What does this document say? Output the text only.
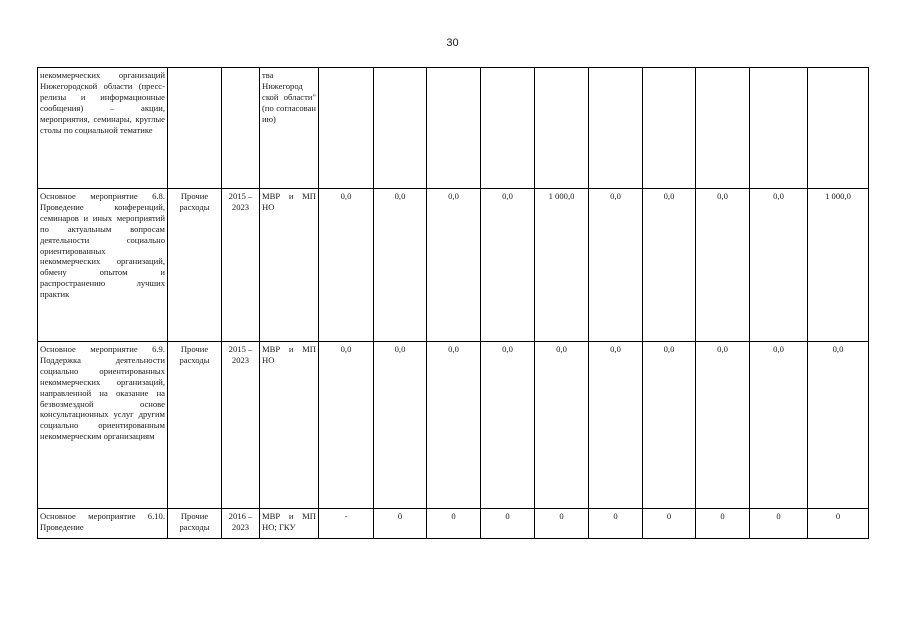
30
некоммерческих организаций Нижегородской области (пресс-релизы и информационные сообщения) – акции, мероприятия, семинары, круглые столы по социальной тематике			тва Нижегород ской области" (по согласован ию)										
Основное мероприятие 6.8. Проведение конференций, семинаров и иных мероприятий по актуальным вопросам деятельности социально ориентированных некоммерческих организаций, обмену опытом и распространению лучших практик	Прочие расходы	2015 – 2023	МВР и МП НО	0,0	0,0	0,0	0,0	1 000,0	0,0	0,0	0,0	0,0	1 000,0
Основное мероприятие 6.9. Поддержка деятельности социально ориентированных некоммерческих организаций, направленной на оказание на безвозмездной основе консультационных услуг другим социально ориентированным некоммерческим организациям	Прочие расходы	2015 – 2023	МВР и МП НО	0,0	0,0	0,0	0,0	0,0	0,0	0,0	0,0	0,0	0,0
Основное мероприятие 6.10. Проведение	Прочие расходы	2016 – 2023	МВР и МП НО; ГКУ	-	0	0	0	0	0	0	0	0	0
